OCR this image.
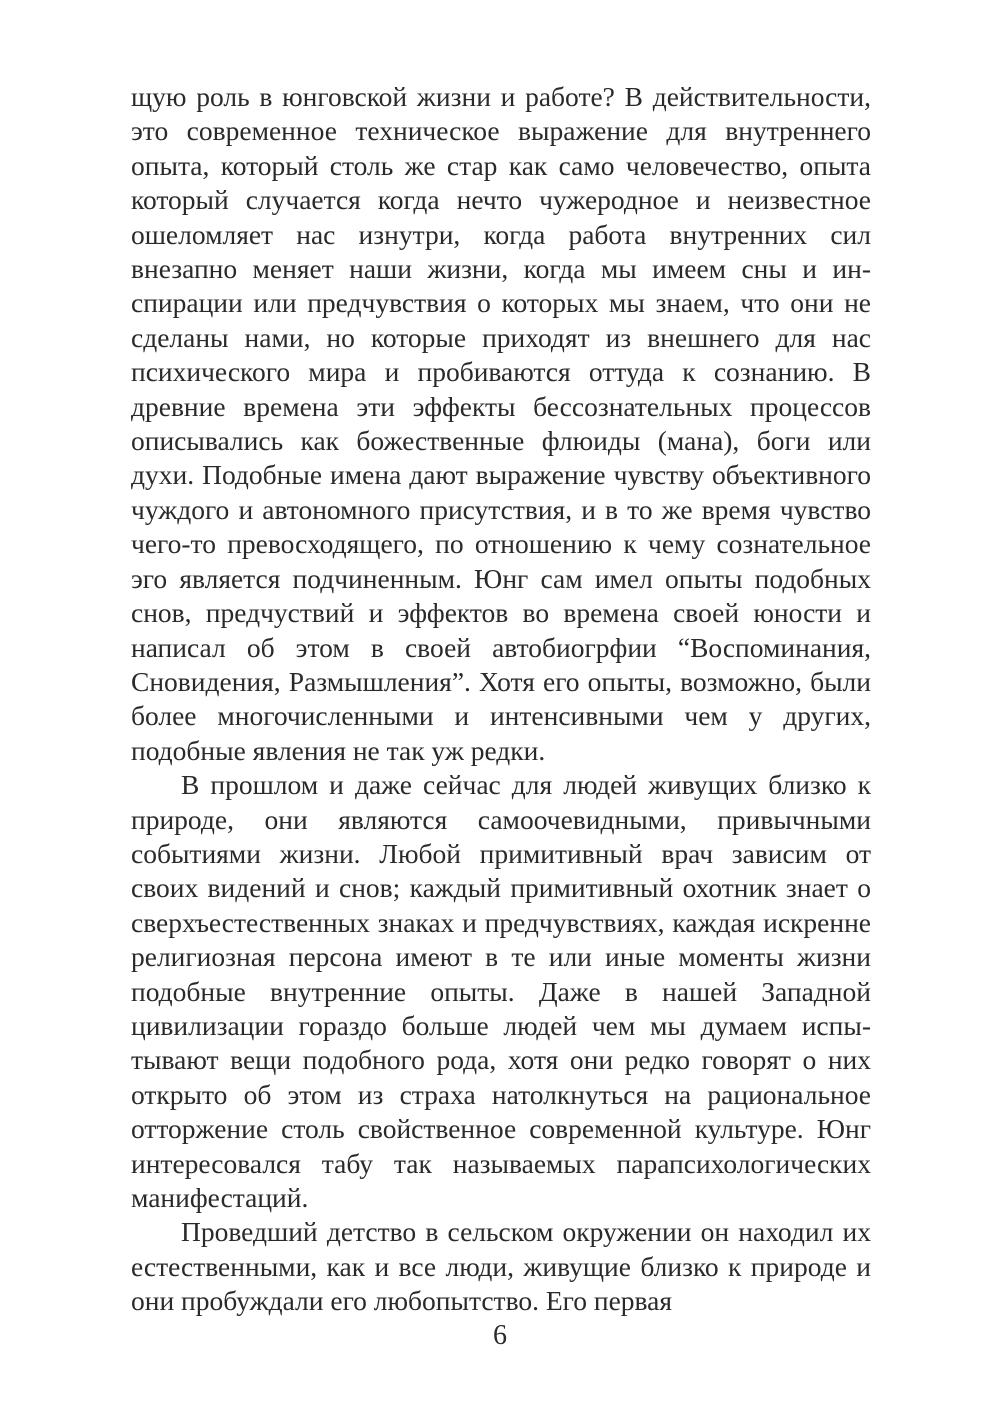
щую роль в юнговской жизни и работе? В действительности, это современное техническое выражение для внутреннего опыта, который столь же стар как само человечество, опыта который случается когда нечто чужеродное и неизвестное ошеломляет нас изнутри, когда работа внутренних сил внезапно меняет наши жизни, когда мы имеем сны и инспирации или предчувствия о которых мы знаем, что они не сделаны нами, но которые приходят из внешнего для нас психического мира и пробиваются оттуда к сознанию. В древние времена эти эффекты бессознательных процессов описывались как божественные флюиды (мана), боги или духи. Подобные имена дают выражение чувству объективного чуждого и автономного присутствия, и в то же время чувство чего-то превосходящего, по отношению к чему сознательное эго является подчиненным. Юнг сам имел опыты подобных снов, предчуствий и эффектов во времена своей юности и написал об этом в своей автобиогрфии “Воспоминания, Сновидения, Размышления”. Хотя его опыты, возможно, были более многочисленными и интенсивными чем у других, подобные явления не так уж редки.

В прошлом и даже сейчас для людей живущих близко к природе, они являются самоочевидными, привычными событиями жизни. Любой примитивный врач зависим от своих видений и снов; каждый примитивный охотник знает о сверхъестественных знаках и предчувствиях, каждая искренне религиозная персона имеют в те или иные моменты жизни подобные внутренние опыты. Даже в нашей Западной цивилизации гораздо больше людей чем мы думаем испытывают вещи подобного рода, хотя они редко говорят о них открыто об этом из страха натолкнуться на рациональное отторжение столь свойственное современной культуре. Юнг интересовался табу так называемых парапсихологических манифестаций.

Проведший детство в сельском окружении он находил их естественными, как и все люди, живущие близко к природе и они пробуждали его любопытство. Его первая

6
